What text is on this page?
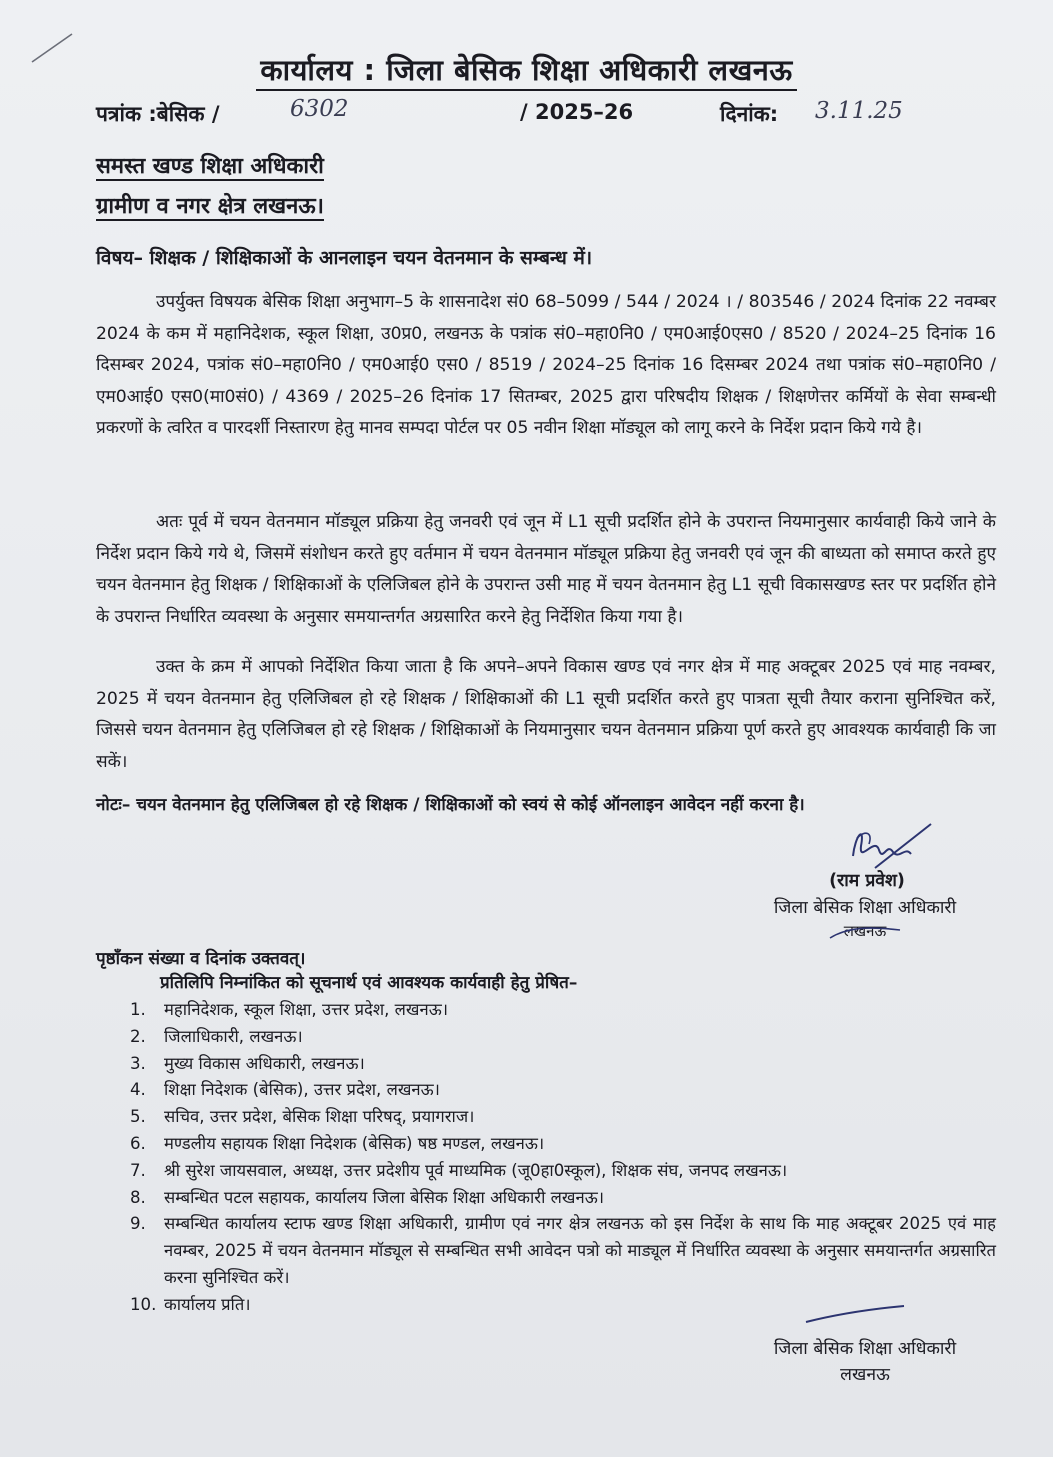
कार्यालय : जिला बेसिक शिक्षा अधिकारी लखनऊ
पत्रांक :बेसिक /	6302	/ 2025–26	दिनांक: 3.11.25
समस्त खण्ड शिक्षा अधिकारी
ग्रामीण व नगर क्षेत्र लखनऊ।
विषय– शिक्षक / शिक्षिकाओं के आनलाइन चयन वेतनमान के सम्बन्ध में।
उपर्युक्त विषयक बेसिक शिक्षा अनुभाग–5 के शासनादेश सं0 68–5099 / 544 / 2024 । / 803546 / 2024 दिनांक 22 नवम्बर 2024 के कम में महानिदेशक, स्कूल शिक्षा, उ0प्र0, लखनऊ के पत्रांक सं0–महा0नि0 / एम0आई0एस0 / 8520 / 2024–25 दिनांक 16 दिसम्बर 2024, पत्रांक सं0–महा0नि0 / एम0आई0 एस0 / 8519 / 2024–25 दिनांक 16 दिसम्बर 2024 तथा पत्रांक सं0–महा0नि0 / एम0आई0 एस0(मा0सं0) / 4369 / 2025–26 दिनांक 17 सितम्बर, 2025 द्वारा परिषदीय शिक्षक / शिक्षणेत्तर कर्मियों के सेवा सम्बन्धी प्रकरणों के त्वरित व पारदर्शी निस्तारण हेतु मानव सम्पदा पोर्टल पर 05 नवीन शिक्षा मॉड्यूल को लागू करने के निर्देश प्रदान किये गये है।
अतः पूर्व में चयन वेतनमान मॉड्यूल प्रक्रिया हेतु जनवरी एवं जून में L1 सूची प्रदर्शित होने के उपरान्त नियमानुसार कार्यवाही किये जाने के निर्देश प्रदान किये गये थे, जिसमें संशोधन करते हुए वर्तमान में चयन वेतनमान मॉड्यूल प्रक्रिया हेतु जनवरी एवं जून की बाध्यता को समाप्त करते हुए चयन वेतनमान हेतु शिक्षक / शिक्षिकाओं के एलिजिबल होने के उपरान्त उसी माह में चयन वेतनमान हेतु L1 सूची विकासखण्ड स्तर पर प्रदर्शित होने के उपरान्त निर्धारित व्यवस्था के अनुसार समयान्तर्गत अग्रसारित करने हेतु निर्देशित किया गया है।
उक्त के क्रम में आपको निर्देशित किया जाता है कि अपने–अपने विकास खण्ड एवं नगर क्षेत्र में माह अक्टूबर 2025 एवं माह नवम्बर, 2025 में चयन वेतनमान हेतु एलिजिबल हो रहे शिक्षक / शिक्षिकाओं की L1 सूची प्रदर्शित करते हुए पात्रता सूची तैयार कराना सुनिश्चित करें, जिससे चयन वेतनमान हेतु एलिजिबल हो रहे शिक्षक / शिक्षिकाओं के नियमानुसार चयन वेतनमान प्रक्रिया पूर्ण करते हुए आवश्यक कार्यवाही कि जा सकें।
नोटः– चयन वेतनमान हेतु एलिजिबल हो रहे शिक्षक / शिक्षिकाओं को स्वयं से कोई ऑनलाइन आवेदन नहीं करना है।
(राम प्रवेश)
जिला बेसिक शिक्षा अधिकारी
लखनऊ
पृष्ठाँकन संख्या व दिनांक उक्तवत्।
प्रतिलिपि निम्नांकित को सूचनार्थ एवं आवश्यक कार्यवाही हेतु प्रेषित–
1.	महानिदेशक, स्कूल शिक्षा, उत्तर प्रदेश, लखनऊ।
2.	जिलाधिकारी, लखनऊ।
3.	मुख्य विकास अधिकारी, लखनऊ।
4.	शिक्षा निदेशक (बेसिक), उत्तर प्रदेश, लखनऊ।
5.	सचिव, उत्तर प्रदेश, बेसिक शिक्षा परिषद्, प्रयागराज।
6.	मण्डलीय सहायक शिक्षा निदेशक (बेसिक) षष्ठ मण्डल, लखनऊ।
7.	श्री सुरेश जायसवाल, अध्यक्ष, उत्तर प्रदेशीय पूर्व माध्यमिक (जू0हा0स्कूल), शिक्षक संघ, जनपद लखनऊ।
8.	सम्बन्धित पटल सहायक, कार्यालय जिला बेसिक शिक्षा अधिकारी लखनऊ।
9.	सम्बन्धित कार्यालय स्टाफ खण्ड शिक्षा अधिकारी, ग्रामीण एवं नगर क्षेत्र लखनऊ को इस निर्देश के साथ कि माह अक्टूबर 2025 एवं माह नवम्बर, 2025 में चयन वेतनमान मॉड्यूल से सम्बन्धित सभी आवेदन पत्रो को माड्यूल में निर्धारित व्यवस्था के अनुसार समयान्तर्गत अग्रसारित करना सुनिश्चित करें।
10. कार्यालय प्रति।
जिला बेसिक शिक्षा अधिकारी
लखनऊ
